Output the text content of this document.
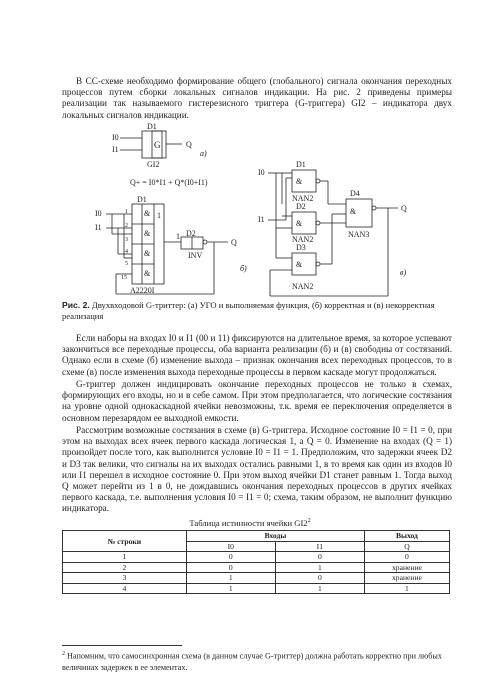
В СС-схеме необходимо формирование общего (глобального) сигнала окончания переходных процессов путем сборки локальных сигналов индикации. На рис. 2 приведены примеры реализации так называемого гистерезисного триггера (G-триггера) GI2 – индикатора двух локальных сигналов индикации.

D1
G
I0
I1
Q
GI2
а)
Q+ = I0*I1 + Q*(I0+I1)
D1
&
&
&
&
1
I0
I1
1
2
3
4
5
15
1 D2
Q
INV
A2220I
б)
I0
I1
D1
&
NAN2
D2
&
NAN2
D3
&
NAN2
D4
&
NAN3
Q
в)
Рис. 2. Двухвходовой G-триттер: (а) УГО и выполняемая функция, (б) корректная и (в) некорректная реализация

Если наборы на входах I0 и I1 (00 и 11) фиксируются на длительное время, за которое успевают закончиться все переходные процессы, оба варианта реализации (б) и (в) свободны от состязаний. Однако если в схеме (б) изменение выхода – признак окончания всех переходных процессов, то в схеме (в) после изменения выхода переходные процессы в первом каскаде могут продолжаться.

G-триггер должен индицировать окончание переходных процессов не только в схемах, формирующих его входы, но и в себе самом. При этом предполагается, что логические состязания на уровне одной однокаскадной ячейки невозможны, т.к. время ее переключения определяется в основном перезарядом ее выходной емкости.

Рассмотрим возможные состязания в схеме (в) G-триггера. Исходное состояние I0 = I1 = 0, при этом на выходах всех ячеек первого каскада логическая 1, а Q = 0. Изменение на входах (Q = 1) произойдет после того, как выполнится условие I0 = I1 = 1. Предположим, что задержки ячеек D2 и D3 так велики, что сигналы на их выходах остались равными 1, в то время как один из входов I0 или I1 перешел в исходное состояние 0. При этом выход ячейки D1 станет равным 1. Тогда выход Q может перейти из 1 в 0, не дождавшись окончания переходных процессов в других ячейках первого каскада, т.е. выполнения условия I0 = I1 = 0; схема, таким образом, не выполнит функцию индикатора.

Таблица истинности ячейки $GI2^2$
№ строки	Входы		Выход
	I0	I1	Q
1	0	0	0
2	0	1	хранение
3	1	0	хранение
4	1	1	1
$^2$ Напомним, что самосинхронная схема (в данном случае G-триттер) должна работать корректно при любых величинах задержек в ее элементах.
